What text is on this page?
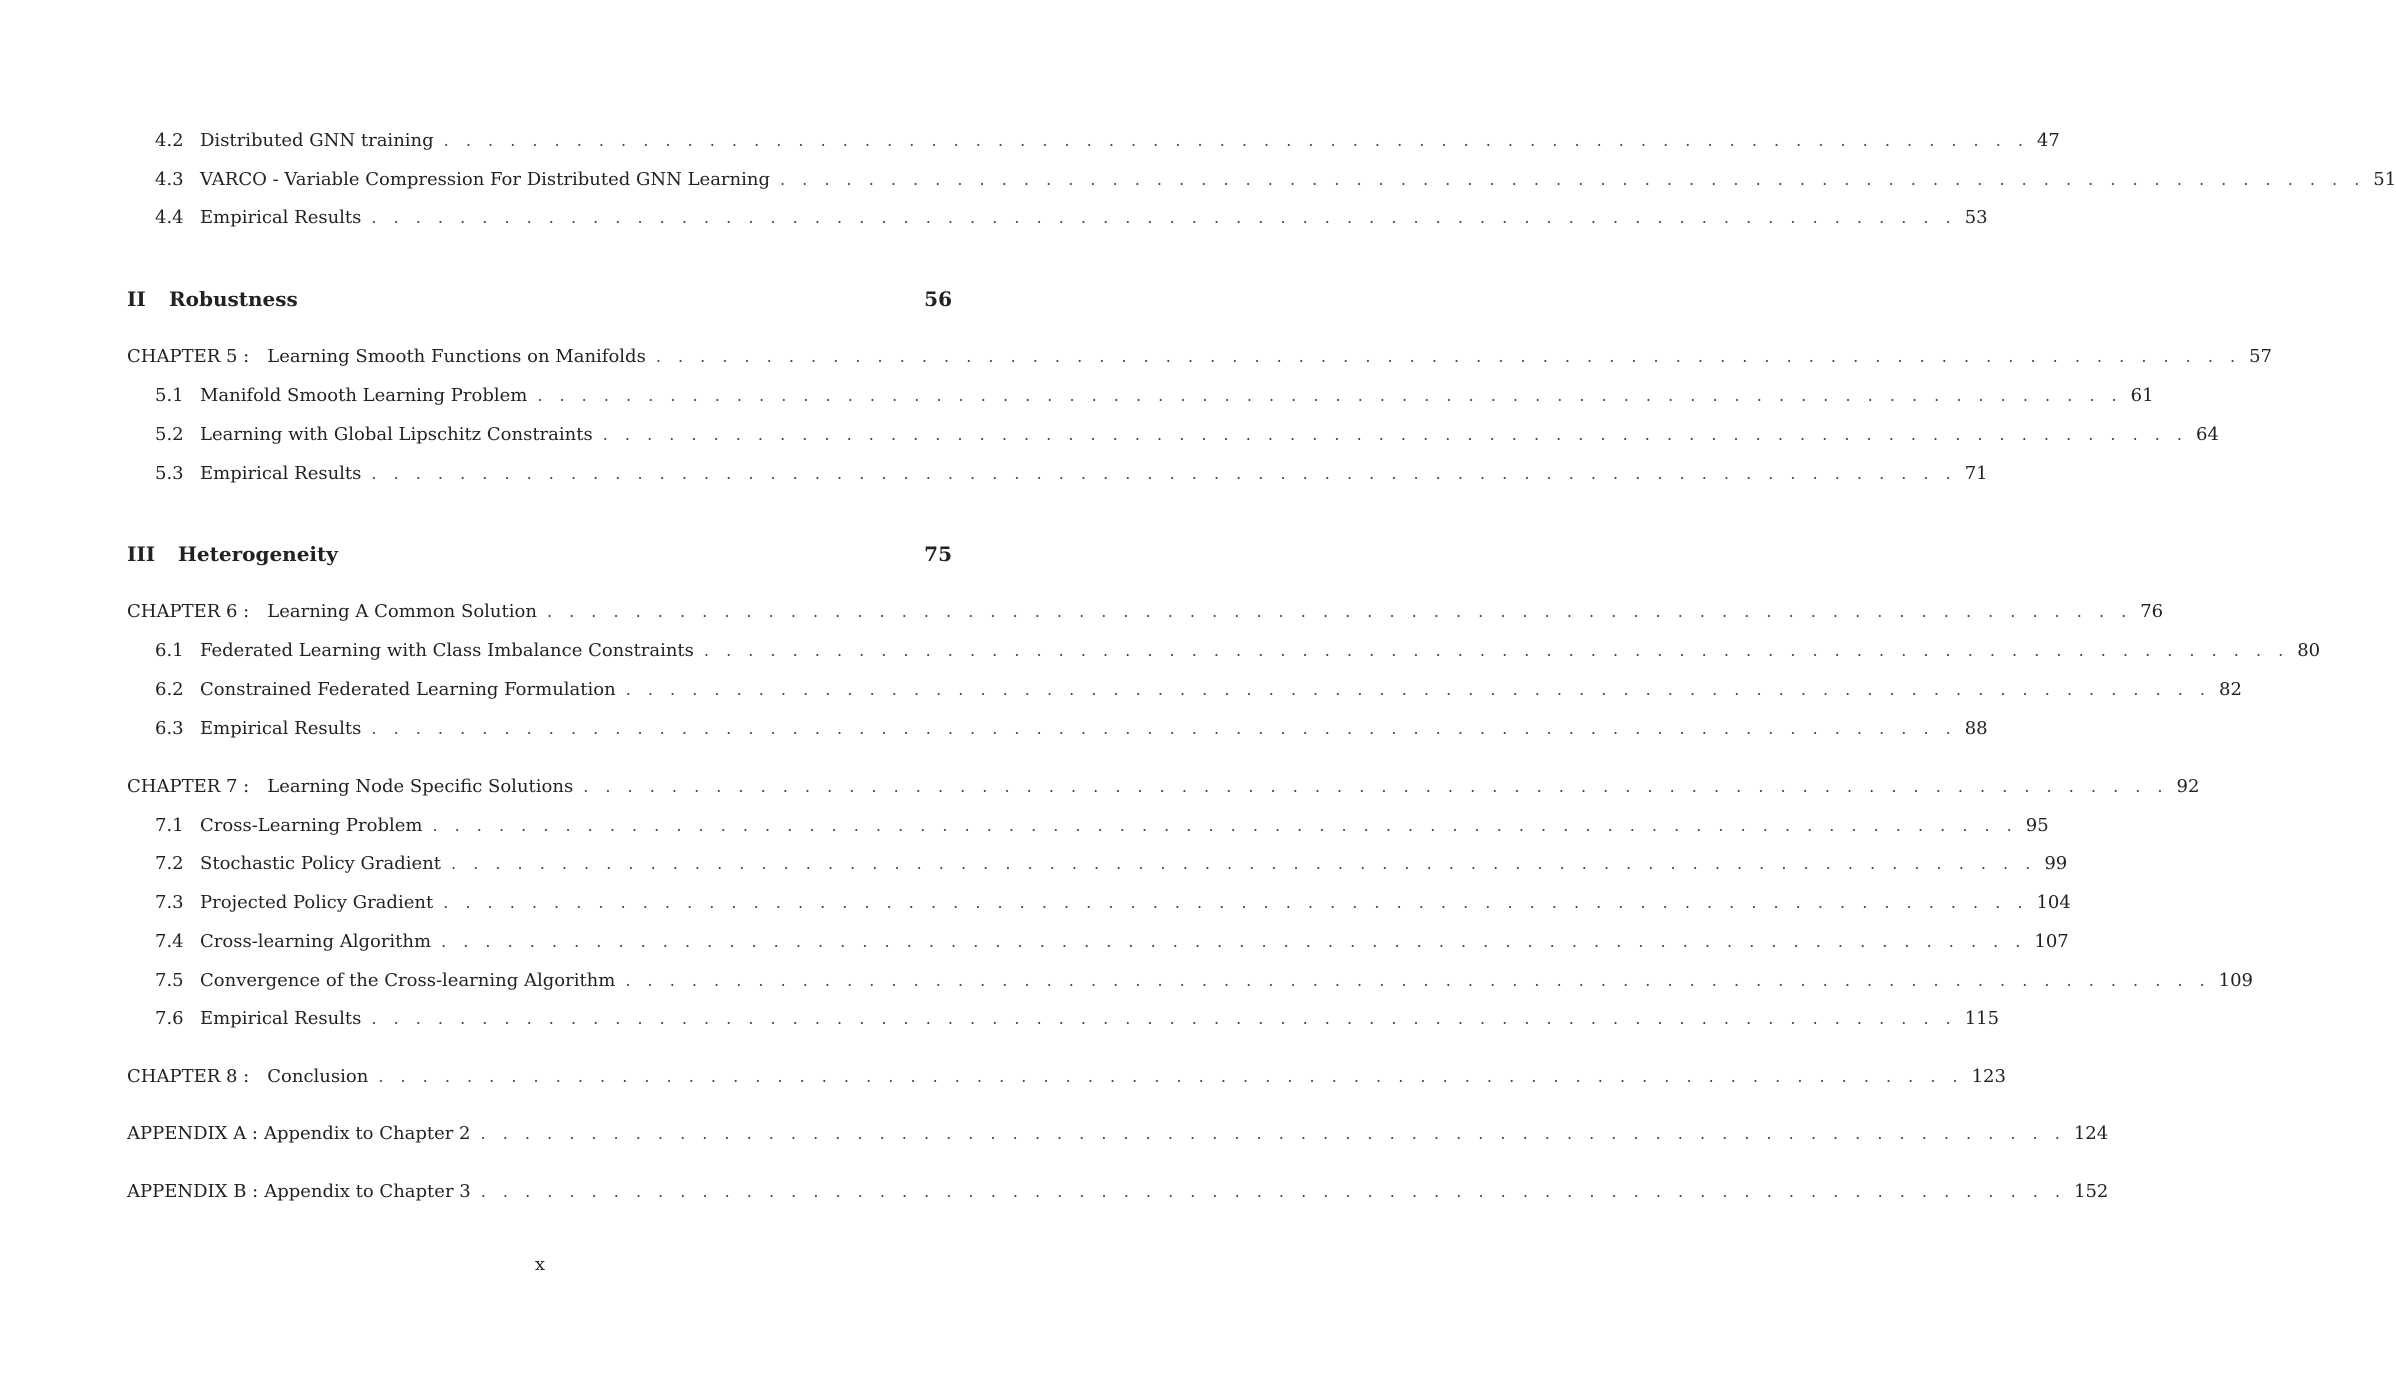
4.2 Distributed GNN training . . . . . . . . . . . . . . . . . . . . . . . . . . . . . . . . . . . . . . . . . . . . . . . . . . . . . . . . . . . . . . . . . . . . . . . . 47
4.3 VARCO - Variable Compression For Distributed GNN Learning . . . . . . . . . . . . . . . . . . . . . . . . . . . . . . . . . . . . . . . . . . . . . . . . . . . . . . . . . . . . . . . . . . . . . . . . 51
4.4 Empirical Results . . . . . . . . . . . . . . . . . . . . . . . . . . . . . . . . . . . . . . . . . . . . . . . . . . . . . . . . . . . . . . . . . . . . . . . . 53
II Robustness	56
CHAPTER 5 : Learning Smooth Functions on Manifolds . . . . . . . . . . . . . . . . . . . . . . . . . . . . . . . . . . . . . . . . . . . . . . . . . . . . . . . . . . . . . . . . . . . . . . . . 57
5.1 Manifold Smooth Learning Problem . . . . . . . . . . . . . . . . . . . . . . . . . . . . . . . . . . . . . . . . . . . . . . . . . . . . . . . . . . . . . . . . . . . . . . . . 61
5.2 Learning with Global Lipschitz Constraints . . . . . . . . . . . . . . . . . . . . . . . . . . . . . . . . . . . . . . . . . . . . . . . . . . . . . . . . . . . . . . . . . . . . . . . . 64
5.3 Empirical Results . . . . . . . . . . . . . . . . . . . . . . . . . . . . . . . . . . . . . . . . . . . . . . . . . . . . . . . . . . . . . . . . . . . . . . . . 71
III Heterogeneity	75
CHAPTER 6 : Learning A Common Solution . . . . . . . . . . . . . . . . . . . . . . . . . . . . . . . . . . . . . . . . . . . . . . . . . . . . . . . . . . . . . . . . . . . . . . . . 76
6.1 Federated Learning with Class Imbalance Constraints . . . . . . . . . . . . . . . . . . . . . . . . . . . . . . . . . . . . . . . . . . . . . . . . . . . . . . . . . . . . . . . . . . . . . . . . 80
6.2 Constrained Federated Learning Formulation . . . . . . . . . . . . . . . . . . . . . . . . . . . . . . . . . . . . . . . . . . . . . . . . . . . . . . . . . . . . . . . . . . . . . . . . 82
6.3 Empirical Results . . . . . . . . . . . . . . . . . . . . . . . . . . . . . . . . . . . . . . . . . . . . . . . . . . . . . . . . . . . . . . . . . . . . . . . . 88
CHAPTER 7 : Learning Node Specific Solutions . . . . . . . . . . . . . . . . . . . . . . . . . . . . . . . . . . . . . . . . . . . . . . . . . . . . . . . . . . . . . . . . . . . . . . . . 92
7.1 Cross-Learning Problem . . . . . . . . . . . . . . . . . . . . . . . . . . . . . . . . . . . . . . . . . . . . . . . . . . . . . . . . . . . . . . . . . . . . . . . . 95
7.2 Stochastic Policy Gradient . . . . . . . . . . . . . . . . . . . . . . . . . . . . . . . . . . . . . . . . . . . . . . . . . . . . . . . . . . . . . . . . . . . . . . . . 99
7.3 Projected Policy Gradient . . . . . . . . . . . . . . . . . . . . . . . . . . . . . . . . . . . . . . . . . . . . . . . . . . . . . . . . . . . . . . . . . . . . . . . . 104
7.4 Cross-learning Algorithm . . . . . . . . . . . . . . . . . . . . . . . . . . . . . . . . . . . . . . . . . . . . . . . . . . . . . . . . . . . . . . . . . . . . . . . . 107
7.5 Convergence of the Cross-learning Algorithm . . . . . . . . . . . . . . . . . . . . . . . . . . . . . . . . . . . . . . . . . . . . . . . . . . . . . . . . . . . . . . . . . . . . . . . . 109
7.6 Empirical Results . . . . . . . . . . . . . . . . . . . . . . . . . . . . . . . . . . . . . . . . . . . . . . . . . . . . . . . . . . . . . . . . . . . . . . . . 115
CHAPTER 8 : Conclusion . . . . . . . . . . . . . . . . . . . . . . . . . . . . . . . . . . . . . . . . . . . . . . . . . . . . . . . . . . . . . . . . . . . . . . . . 123
APPENDIX A : Appendix to Chapter 2 . . . . . . . . . . . . . . . . . . . . . . . . . . . . . . . . . . . . . . . . . . . . . . . . . . . . . . . . . . . . . . . . . . . . . . . . 124
APPENDIX B : Appendix to Chapter 3 . . . . . . . . . . . . . . . . . . . . . . . . . . . . . . . . . . . . . . . . . . . . . . . . . . . . . . . . . . . . . . . . . . . . . . . . 152
x
